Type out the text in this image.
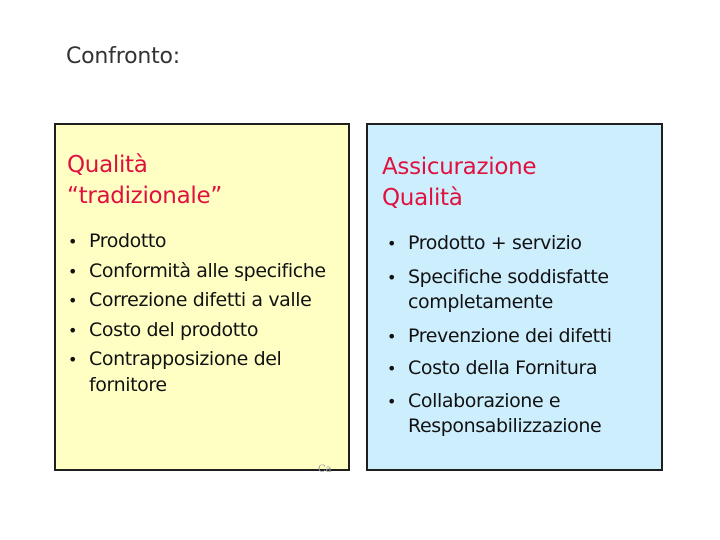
Confronto:
Qualità
“tradizionale”
• Prodotto
• Conformità alle specifiche
• Correzione difetti a valle
• Costo del prodotto
• Contrapposizione del fornitore
Ca
Assicurazione
Qualità
• Prodotto + servizio
• Specifiche soddisfatte completamente
• Prevenzione dei difetti
• Costo della Fornitura
• Collaborazione e Responsabilizzazione
